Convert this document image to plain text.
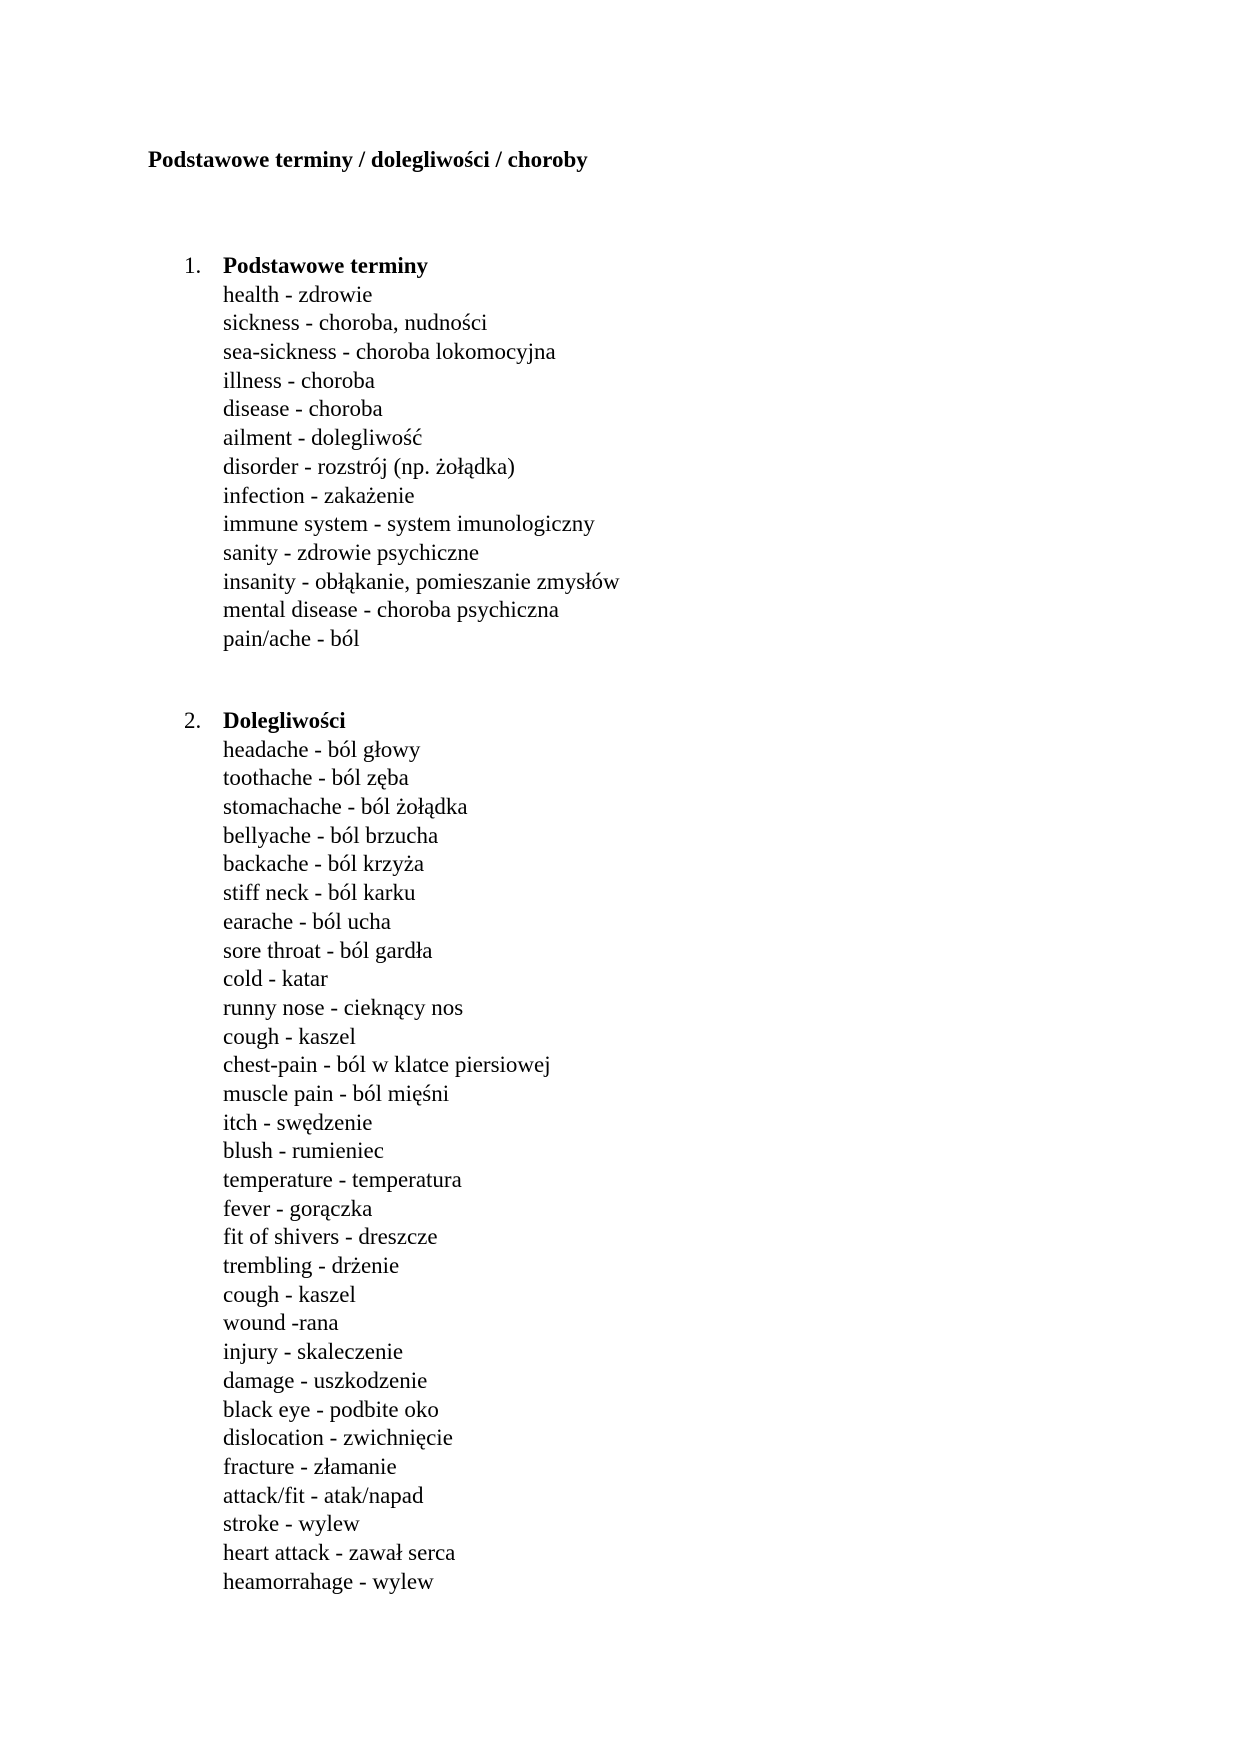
Podstawowe terminy / dolegliwości / choroby
1. Podstawowe terminy
health - zdrowie
sickness - choroba, nudności
sea-sickness - choroba lokomocyjna
illness - choroba
disease - choroba
ailment - dolegliwość
disorder - rozstrój (np. żołądka)
infection - zakażenie
immune system - system imunologiczny
sanity - zdrowie psychiczne
insanity - obłąkanie, pomieszanie zmysłów
mental disease - choroba psychiczna
pain/ache - ból
2. Dolegliwości
headache - ból głowy
toothache - ból zęba
stomachache - ból żołądka
bellyache - ból brzucha
backache - ból krzyża
stiff neck - ból karku
earache - ból ucha
sore throat - ból gardła
cold - katar
runny nose - cieknący nos
cough - kaszel
chest-pain - ból w klatce piersiowej
muscle pain - ból mięśni
itch - swędzenie
blush - rumieniec
temperature - temperatura
fever - gorączka
fit of shivers - dreszcze
trembling - drżenie
cough - kaszel
wound -rana
injury - skaleczenie
damage - uszkodzenie
black eye - podbite oko
dislocation - zwichnięcie
fracture - złamanie
attack/fit - atak/napad
stroke - wylew
heart attack - zawał serca
heamorrahage - wylew
